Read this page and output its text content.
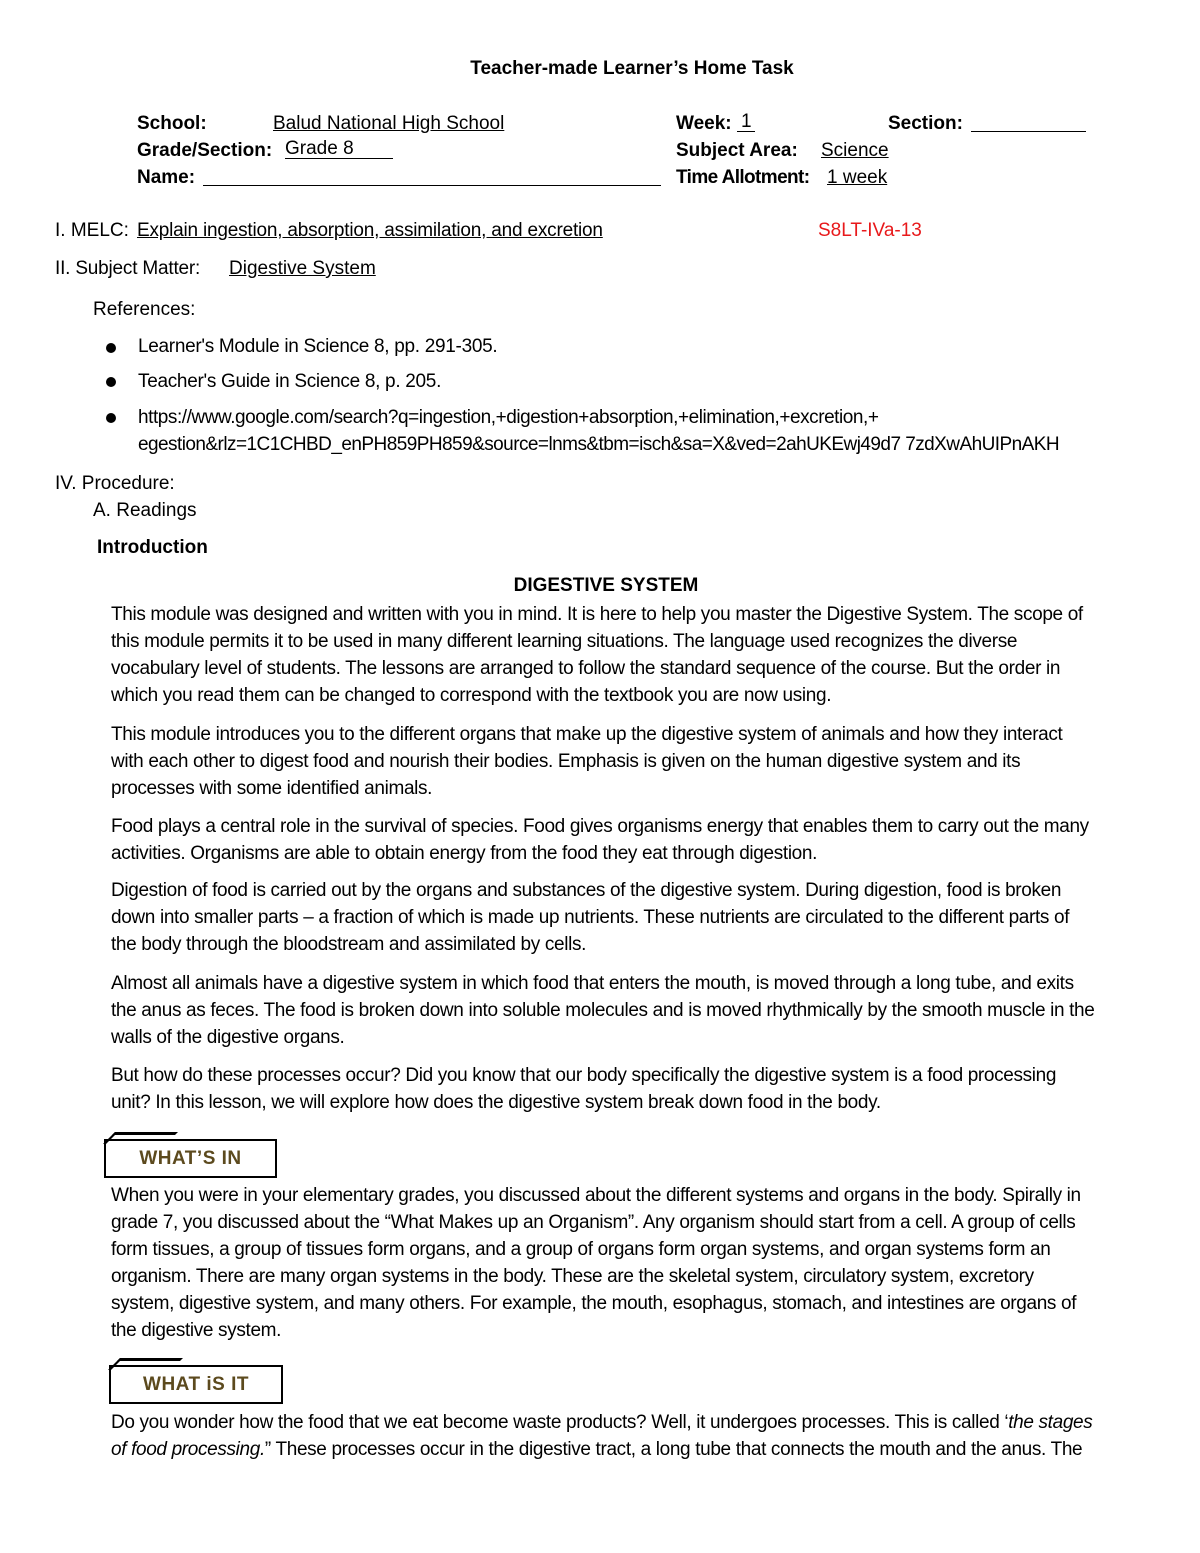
Teacher-made Learner’s Home Task
School:	Balud National High School	Week: 1	Section:
Grade/Section: Grade 8	Subject Area: Science
Name:	Time Allotment: 1 week
I. MELC: Explain ingestion, absorption, assimilation, and excretion	S8LT-IVa-13
II. Subject Matter: Digestive System
References:
Learner's Module in Science 8, pp. 291-305.
Teacher's Guide in Science 8, p. 205.
https://www.google.com/search?q=ingestion,+digestion+absorption,+elimination,+excretion,+
egestion&rlz=1C1CHBD_enPH859PH859&source=lnms&tbm=isch&sa=X&ved=2ahUKEwj49d7 7zdXwAhUIPnAKH
IV. Procedure:
A. Readings
Introduction
DIGESTIVE SYSTEM
This module was designed and written with you in mind. It is here to help you master the Digestive System. The scope of
this module permits it to be used in many different learning situations. The language used recognizes the diverse
vocabulary level of students. The lessons are arranged to follow the standard sequence of the course. But the order in
which you read them can be changed to correspond with the textbook you are now using.
This module introduces you to the different organs that make up the digestive system of animals and how they interact
with each other to digest food and nourish their bodies. Emphasis is given on the human digestive system and its
processes with some identified animals.
Food plays a central role in the survival of species. Food gives organisms energy that enables them to carry out the many
activities. Organisms are able to obtain energy from the food they eat through digestion.
Digestion of food is carried out by the organs and substances of the digestive system. During digestion, food is broken
down into smaller parts – a fraction of which is made up nutrients. These nutrients are circulated to the different parts of
the body through the bloodstream and assimilated by cells.
Almost all animals have a digestive system in which food that enters the mouth, is moved through a long tube, and exits
the anus as feces. The food is broken down into soluble molecules and is moved rhythmically by the smooth muscle in the
walls of the digestive organs.
But how do these processes occur? Did you know that our body specifically the digestive system is a food processing
unit? In this lesson, we will explore how does the digestive system break down food in the body.
WHAT’S IN
When you were in your elementary grades, you discussed about the different systems and organs in the body. Spirally in
grade 7, you discussed about the “What Makes up an Organism”. Any organism should start from a cell. A group of cells
form tissues, a group of tissues form organs, and a group of organs form organ systems, and organ systems form an
organism. There are many organ systems in the body. These are the skeletal system, circulatory system, excretory
system, digestive system, and many others. For example, the mouth, esophagus, stomach, and intestines are organs of
the digestive system.
WHAT iS IT
Do you wonder how the food that we eat become waste products? Well, it undergoes processes. This is called ‘the stages
of food processing.” These processes occur in the digestive tract, a long tube that connects the mouth and the anus. The
